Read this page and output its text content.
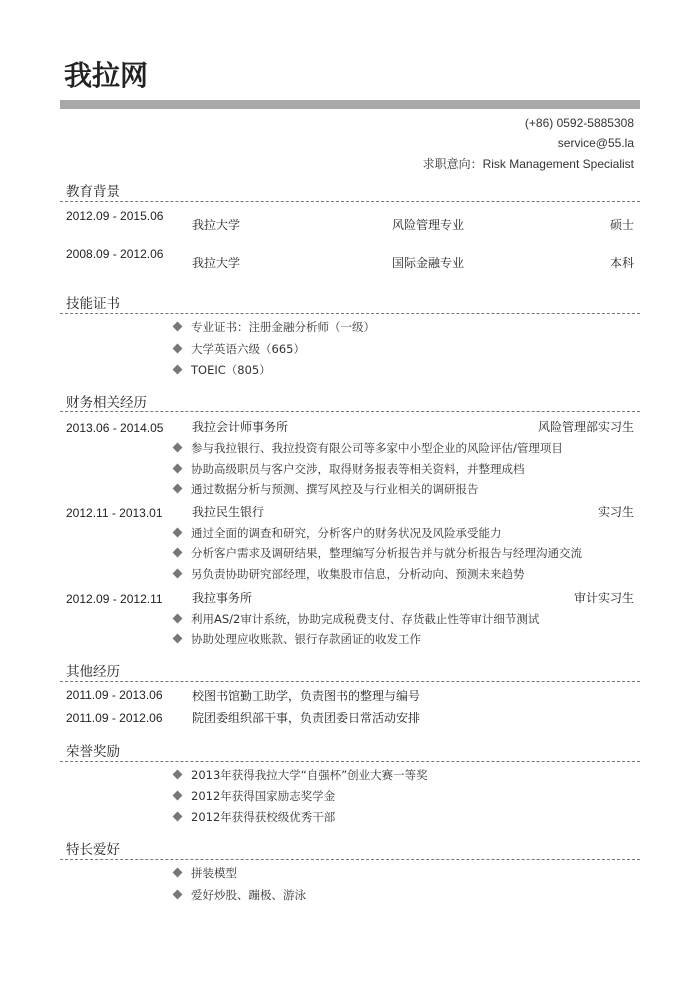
我拉网
(+86) 0592-5885308
service@55.la
求职意向：Risk Management Specialist
教育背景
2012.09 - 2015.06
我拉大学	风险管理专业	硕士
2008.09 - 2012.06
我拉大学	国际金融专业	本科
技能证书
专业证书：注册金融分析师（一级）
大学英语六级（665）
TOEIC（805）
财务相关经历
2013.06 - 2014.05 我拉会计师事务所	风险管理部实习生
参与我拉银行、我拉投资有限公司等多家中小型企业的风险评估/管理项目
协助高级职员与客户交涉，取得财务报表等相关资料，并整理成档
通过数据分析与预测、撰写风控及与行业相关的调研报告
2012.11 - 2013.01 我拉民生银行	实习生
通过全面的调查和研究，分析客户的财务状况及风险承受能力
分析客户需求及调研结果，整理编写分析报告并与就分析报告与经理沟通交流
另负责协助研究部经理，收集股市信息，分析动向、预测未来趋势
2012.09 - 2012.11 我拉事务所	审计实习生
利用AS/2审计系统，协助完成税费支付、存货截止性等审计细节测试
协助处理应收账款、银行存款函证的收发工作
其他经历
2011.09 - 2013.06 校图书馆勤工助学，负责图书的整理与编号
2011.09 - 2012.06 院团委组织部干事，负责团委日常活动安排
荣誉奖励
2013年获得我拉大学“自强杯”创业大赛一等奖
2012年获得国家励志奖学金
2012年获得获校级优秀干部
特长爱好
拼装模型
爱好炒股、蹦极、游泳
